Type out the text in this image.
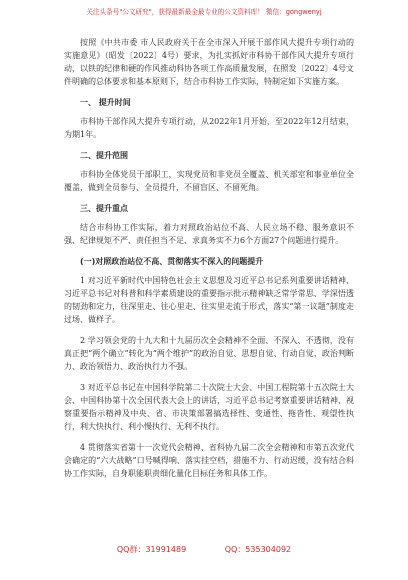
关注头条号"公文研究"，获得最新最全最专业的公文资料库！ 微信：gongwenyj

按照《中共市委 市人民政府关于在全市深入开展干部作风大提升专项行动的实施意见》（昭发〔2022〕4号）要求，为扎实抓好市科协干部作风大提升专项行动，以铁的纪律和硬的作风推动科协各项工作高质量发展，在照发〔2022〕4号文件明确的总体要求和基本原则下，结合市科协工作实际，特制定如下实施方案。

一、 提升时间

市科协干部作风大提升专项行动，从2022年1月开始，至2022年12月结束，为期1年。

二、提升范围

市科协全体党员干部职工，实现党员和非党员全覆盖、机关部室和事业单位全覆盖，做到全员参与、全员提升，不留盲区、不留死角。

三、提升重点

结合市科协工作实际，着力对照政治站位不高、人民立场不稳、服务意识不强、纪律规矩不严、责任担当不足、求真务实不力6个方面27个问题进行提升。

(一)对照政治站位不高、贯彻落实不深入的问题提升

1 对习近平新时代中国特色社会主义思想及习近平总书记系列重要讲话精神、习近平总书记对科普和科学素质建设的重要指示批示精神缺乏常学常思、学深悟透的韧劲和定力，往深里走、往心里走、往实里走流于形式，落实“第一议题”制度走过场、做样子。

2 学习领会党的十九大和十九届历次全会精神不全面、不深入、不透彻，没有真正把“两个确立”转化为“两个维护”的政治自觉、思想自觉、行动自觉，政治判断力、政治领悟力、政治执行力不强。

3 对近平总书记在中国科学院第二十次院士大会、中国工程院第十五次院士大会、中国科协第十次全国代表大会上的讲话，习近平总书记考察重要讲话精神、视察重要指示精神及中央、省、市决策部署搞选择性、变通性、拖沓性、观望性执行，利大快执行、利小慢执行、无利不执行。

4 贯彻落实省第十一次党代会精神、省科协九届二次全会精神和市第五次党代会确定的“六大战略”口号喊得响、落实挂空档，措施不力、行动迟缓，没有结合科协工作实际，自身职能职责细化量化目标任务和具体工作。

QQ群：31991489	QQ：535304092
